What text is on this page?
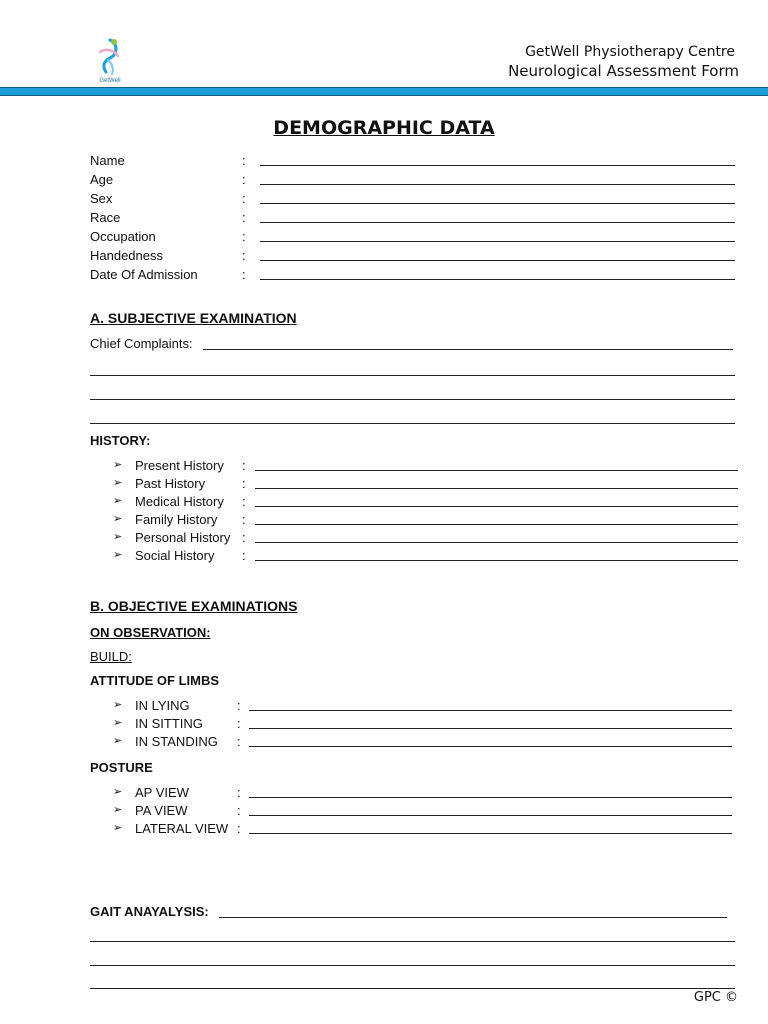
GetWell
GetWell Physiotherapy Centre
Neurological Assessment Form
DEMOGRAPHIC DATA
Name	:
Age	:
Sex	:
Race	:
Occupation	:
Handedness	:
Date Of Admission	:
A. SUBJECTIVE EXAMINATION
Chief Complaints:
HISTORY:
➢ Present History :
➢ Past History	:
➢ Medical History :
➢ Family History :
➢ Personal History :
➢ Social History :
B. OBJECTIVE EXAMINATIONS
ON OBSERVATION:
BUILD:
ATTITUDE OF LIMBS
➢ IN LYING	:
➢ IN SITTING	:
➢ IN STANDING :
POSTURE
➢ AP VIEW	:
➢ PA VIEW	:
➢ LATERAL VIEW :
GAIT ANAYALYSIS:
GPC ©
